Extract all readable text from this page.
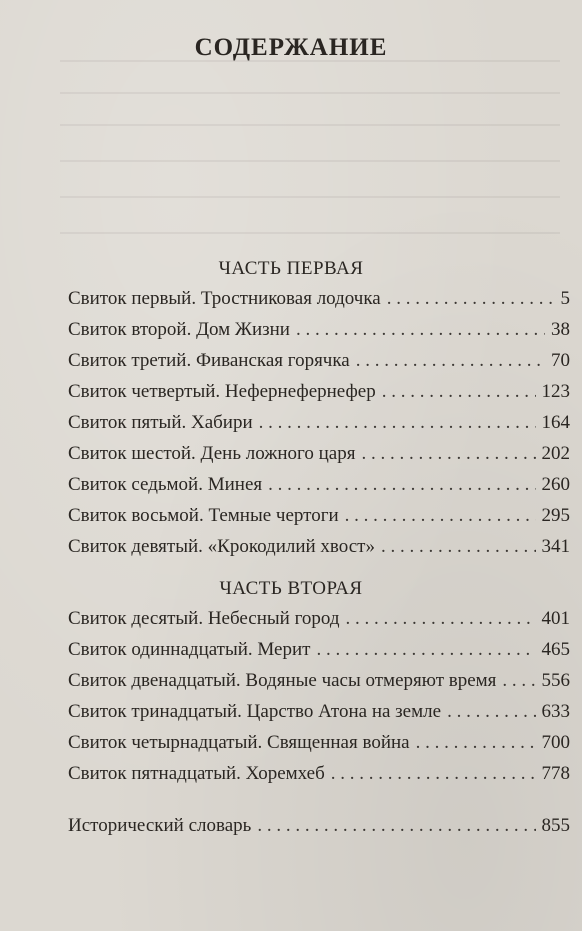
СОДЕРЖАНИЕ
ЧАСТЬ ПЕРВАЯ
Свиток первый. Тростниковая лодочка . . .	5
Свиток второй. Дом Жизни . . .	38
Свиток третий. Фиванская горячка . . .	70
Свиток четвертый. Нефернефернефер . . .	123
Свиток пятый. Хабири . . .	164
Свиток шестой. День ложного царя . . .	202
Свиток седьмой. Минея . . .	260
Свиток восьмой. Темные чертоги . . .	295
Свиток девятый. «Крокодилий хвост» . . .	341
ЧАСТЬ ВТОРАЯ
Свиток десятый. Небесный город . . .	401
Свиток одиннадцатый. Мерит . . .	465
Свиток двенадцатый. Водяные часы отмеряют время . . . 556
Свиток тринадцатый. Царство Атона на земле . . .	633
Свиток четырнадцатый. Священная война . . .	700
Свиток пятнадцатый. Хоремхеб . . .	778
Исторический словарь . . .	855
